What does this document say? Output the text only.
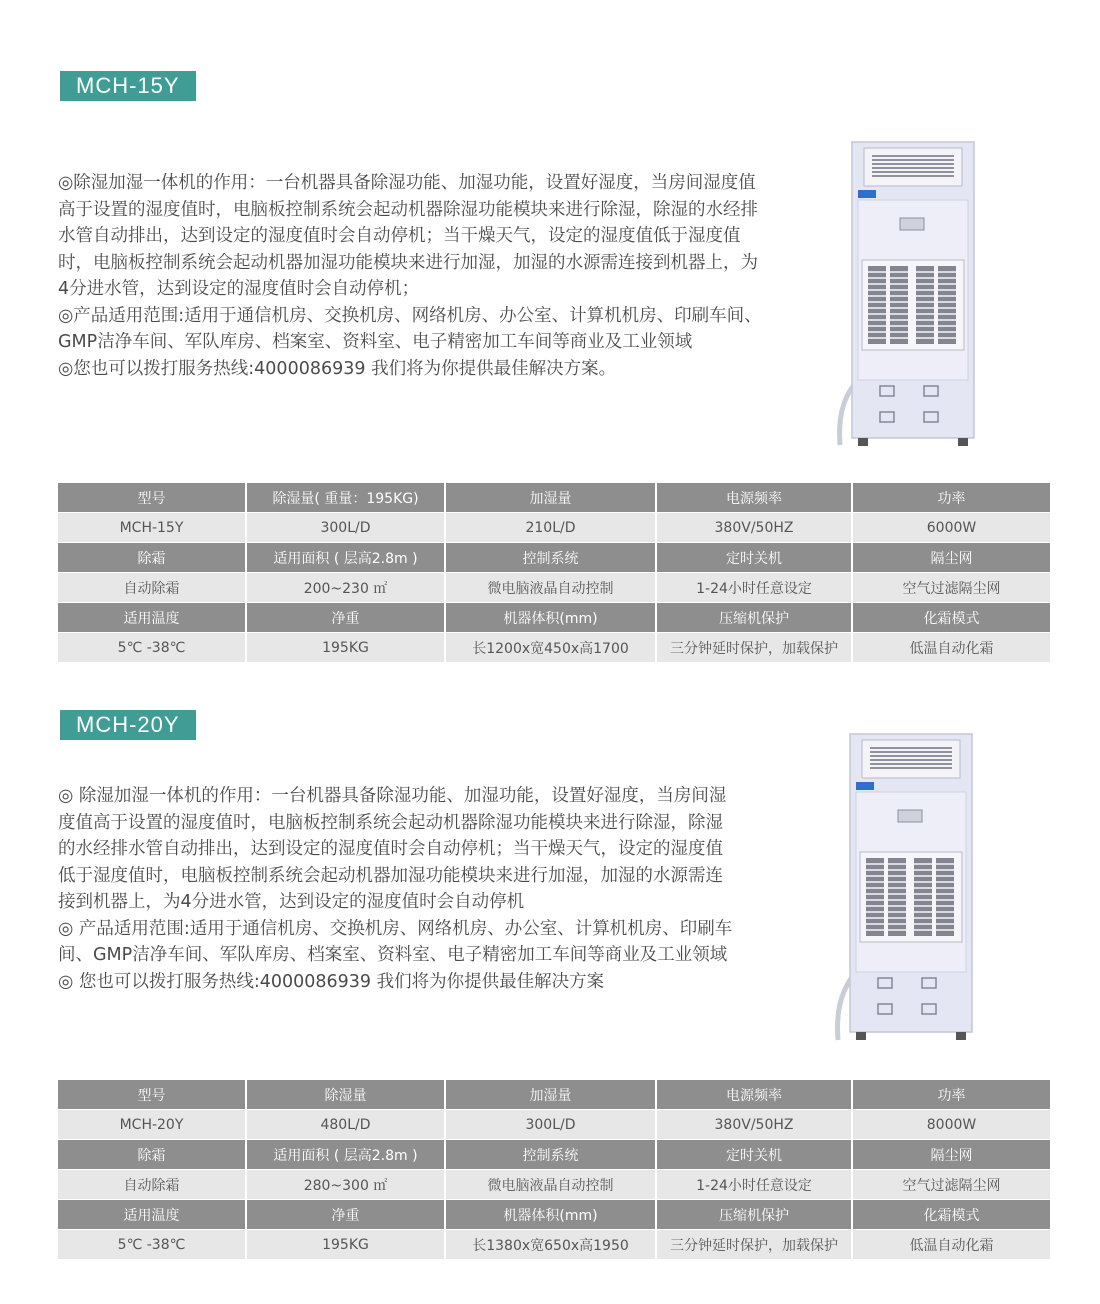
MCH-15Y

◎除湿加湿一体机的作用：一台机器具备除湿功能、加湿功能，设置好湿度，当房间湿度值高于设置的湿度值时，电脑板控制系统会起动机器除湿功能模块来进行除湿，除湿的水经排水管自动排出，达到设定的湿度值时会自动停机；当干燥天气，设定的湿度值低于湿度值时，电脑板控制系统会起动机器加湿功能模块来进行加湿，加湿的水源需连接到机器上，为4分进水管，达到设定的湿度值时会自动停机；

◎产品适用范围:适用于通信机房、交换机房、网络机房、办公室、计算机机房、印刷车间、GMP洁净车间、军队库房、档案室、资料室、电子精密加工车间等商业及工业领域

◎您也可以拨打服务热线:4000086939 我们将为你提供最佳解决方案。

型号	除湿量( 重量：195KG)	加湿量	电源频率	功率
MCH-15Y	300L/D	210L/D	380V/50HZ	6000W
除霜	适用面积 ( 层高2.8m )	控制系统	定时关机	隔尘网
自动除霜	200~230 ㎡	微电脑液晶自动控制	1-24小时任意设定	空气过滤隔尘网
适用温度	净重	机器体积(mm)	压缩机保护	化霜模式
5℃ -38℃	195KG	长1200x宽450x高1700	三分钟延时保护，加载保护	低温自动化霜
MCH-20Y

◎ 除湿加湿一体机的作用：一台机器具备除湿功能、加湿功能，设置好湿度，当房间湿度值高于设置的湿度值时，电脑板控制系统会起动机器除湿功能模块来进行除湿，除湿的水经排水管自动排出，达到设定的湿度值时会自动停机；当干燥天气，设定的湿度值低于湿度值时，电脑板控制系统会起动机器加湿功能模块来进行加湿，加湿的水源需连接到机器上，为4分进水管，达到设定的湿度值时会自动停机

◎ 产品适用范围:适用于通信机房、交换机房、网络机房、办公室、计算机机房、印刷车间、GMP洁净车间、军队库房、档案室、资料室、电子精密加工车间等商业及工业领域

◎ 您也可以拨打服务热线:4000086939 我们将为你提供最佳解决方案

型号	除湿量	加湿量	电源频率	功率
MCH-20Y	480L/D	300L/D	380V/50HZ	8000W
除霜	适用面积 ( 层高2.8m )	控制系统	定时关机	隔尘网
自动除霜	280~300 ㎡	微电脑液晶自动控制	1-24小时任意设定	空气过滤隔尘网
适用温度	净重	机器体积(mm)	压缩机保护	化霜模式
5℃ -38℃	195KG	长1380x宽650x高1950	三分钟延时保护，加载保护	低温自动化霜
